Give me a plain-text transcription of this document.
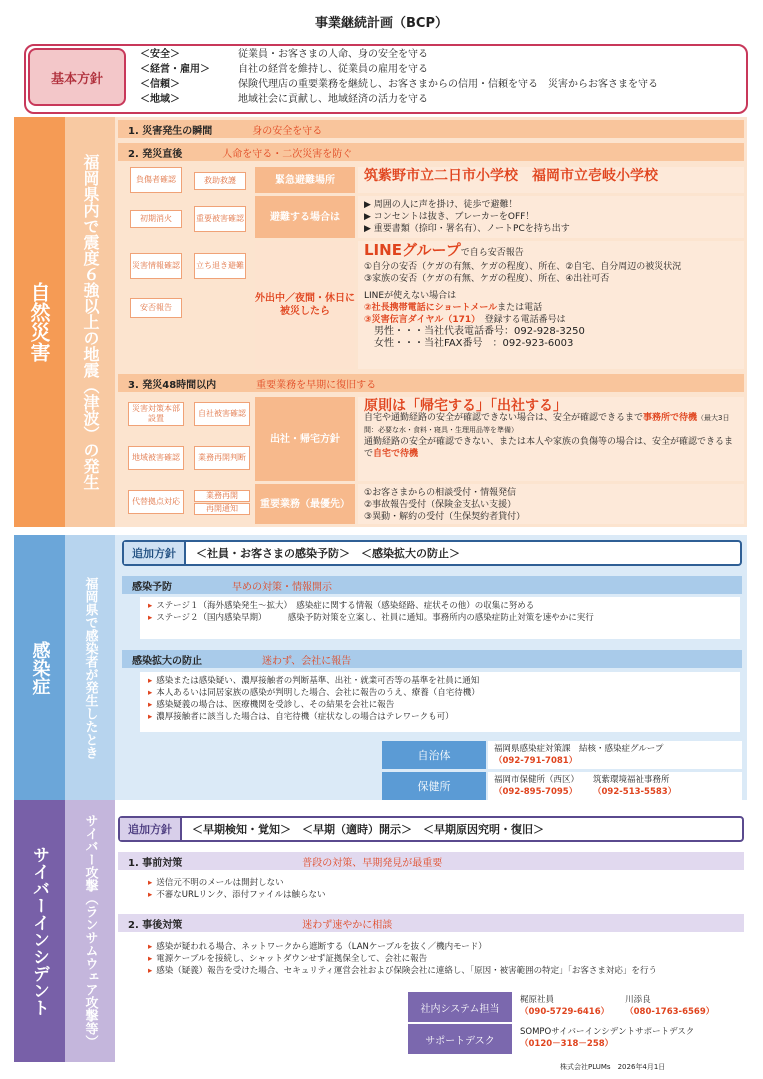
事業継続計画（BCP）
基本方針
＜安全＞	従業員・お客さまの人命、身の安全を守る
＜経営・雇用＞	自社の経営を維持し、従業員の雇用を守る
＜信頼＞	保険代理店の重要業務を継続し、お客さまからの信用・信頼を守る　災害からお客さまを守る
＜地域＞	地域社会に貢献し、地域経済の活力を守る
自然災害	福岡県内で震度６強以上の地震（津波）の発生
1. 災害発生の瞬間	身の安全を守る
2. 発災直後	人命を守る・二次災害を防ぐ
負傷者確認	救助救護
初期消火	重要被害確認
災害情報確認 立ち退き避難
安否報告
緊急避難場所	筑紫野市立二日市小学校　福岡市立壱岐小学校
避難する場合は
▶ 周囲の人に声を掛け、徒歩で避難！
▶ コンセントは抜き、ブレーカーをOFF！
▶ 重要書類（捺印・署名有）、ノートPCを持ち出す
外出中／夜間・休日に被災したら
LINEグループで自ら安否報告
①自分の安否（ケガの有無、ケガの程度）、所在、②自宅、自分周辺の被災状況
③家族の安否（ケガの有無、ケガの程度）、所在、④出社可否
LINEが使えない場合は
②社長携帯電話にショートメールまたは電話
③災害伝言ダイヤル（171）　 登録する電話番号は
男性・・・当社代表電話番号：092-928-3250
女性・・・当社FAX番号　：092-923-6003
3. 発災48時間以内	重要業務を早期に復旧する
災害対策本部設置
自社被害確認
地域被害確認	業務再開判断
代替拠点対応
業務再開
再開通知
出社・帰宅方針
原則は「帰宅する」「出社する」
自宅や通勤経路の安全が確認できない場合は、安全が確認できるまで事務所で待機（最大3日間：必要な水・食料・寝具・生理用品等を準備）
通勤経路の安全が確認できない、または本人や家族の負傷等の場合は、安全が確認できるまで自宅で待機
重要業務（最優先）
①お客さまからの相談受付・情報発信
②事故報告受付（保険金支払い支援）
③異動・解約の受付（生保契約者貸付）
感染症	福岡県で感染者が発生したとき
追加方針	＜社員・お客さまの感染予防＞　＜感染拡大の防止＞
感染予防	早めの対策・情報開示
▸ ステージ１（海外感染発生～拡大）　感染症に関する情報（感染経路、症状その他）の収集に努める
▸ ステージ２（国内感染早期）　　　感染予防対策を立案し、社員に通知。事務所内の感染症防止対策を速やかに実行
感染拡大の防止	迷わず、会社に報告
▸ 感染または感染疑い、濃厚接触者の判断基準、出社・就業可否等の基準を社員に通知
▸ 本人あるいは同居家族の感染が判明した場合、会社に報告のうえ、療養（自宅待機）
▸ 感染疑義の場合は、医療機関を受診し、その結果を会社に報告
▸ 濃厚接触者に該当した場合は、自宅待機（症状なしの場合はテレワークも可）
自治体	福岡県感染症対策課　結核・感染症グループ
（092-791-7081）
保健所	福岡市保健所（西区）
（092-895-7095）
筑紫環境福祉事務所
（092-513-5583）
サイバーインシデント	サイバー攻撃（ランサムウェア攻撃等）	追加方針	＜早期検知・覚知＞　＜早期（適時）開示＞　＜早期原因究明・復旧＞
1. 事前対策	普段の対策、早期発見が最重要
▸ 送信元不明のメールは開封しない
▸ 不審なURLリンク、添付ファイルは触らない
2. 事後対策	迷わず速やかに相談
▸ 感染が疑われる場合、ネットワークから遮断する（LANケーブルを抜く／機内モード）
▸ 電源ケーブルを接続し、シャットダウンせず証拠保全して、会社に報告
▸ 感染（疑義）報告を受けた場合、セキュリティ運営会社および保険会社に連絡し、「原因・被害範囲の特定」「お客さま対応」を行う
社内システム担当
梶原社員
（090-5729-6416）
川添良
（080-1763-6569）
サポートデスク
SOMPOサイバーインシデントサポートデスク
（0120－318－258）
株式会社PLUMs　2026年4月1日
